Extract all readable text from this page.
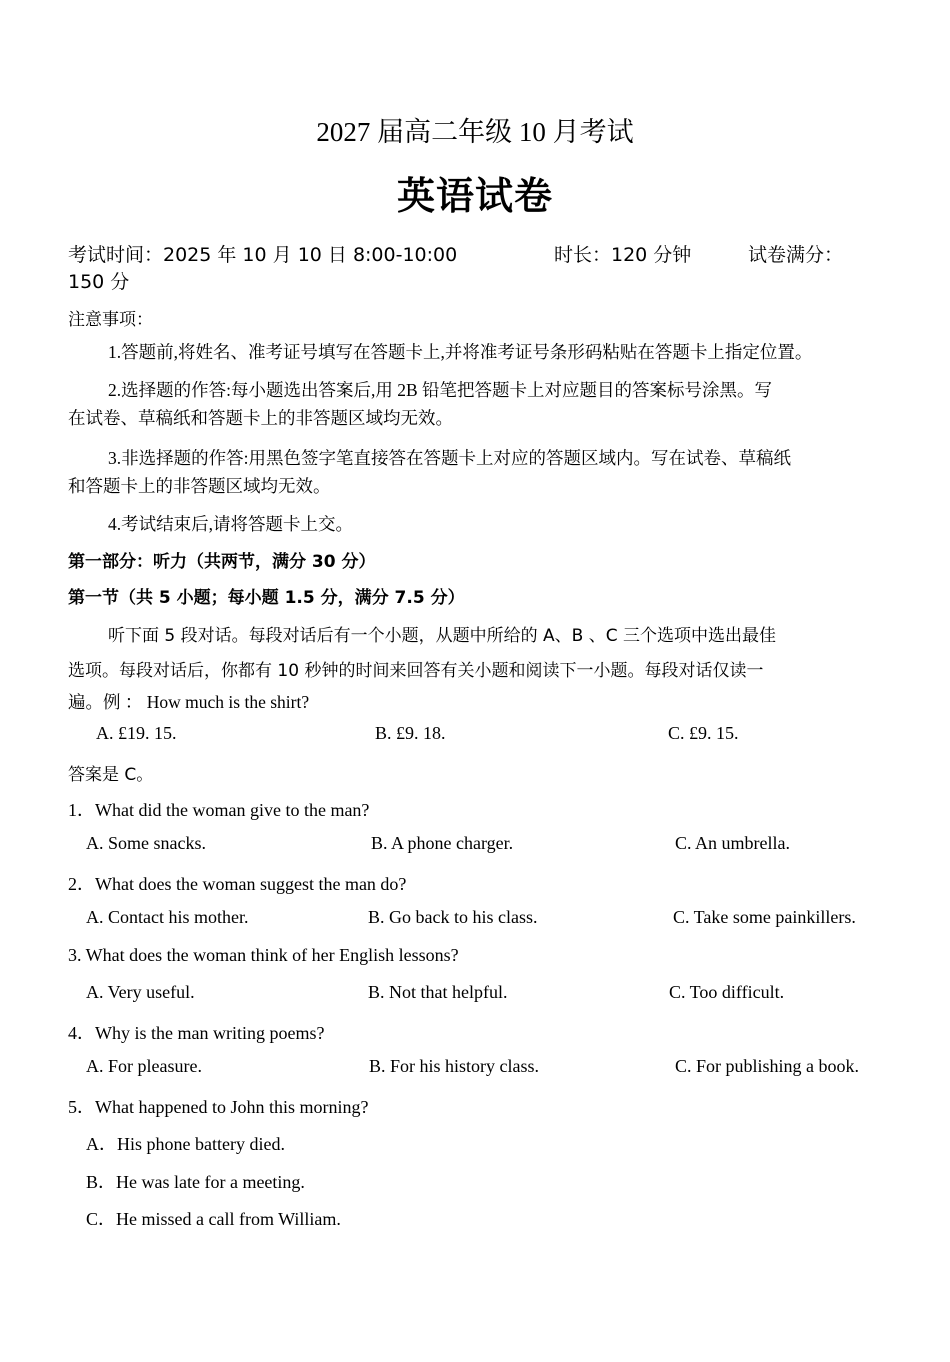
2027 届高二年级 10 月考试
英语试卷
考试时间：2025 年 10 月 10 日 8:00-10:00	时长：120 分钟	试卷满分：
150 分
注意事项：
1.答题前,将姓名、准考证号填写在答题卡上,并将准考证号条形码粘贴在答题卡上指定位置。
2.选择题的作答:每小题选出答案后,用 2B 铅笔把答题卡上对应题目的答案标号涂黑。写
在试卷、草稿纸和答题卡上的非答题区域均无效。
3.非选择题的作答:用黑色签字笔直接答在答题卡上对应的答题区域内。写在试卷、草稿纸
和答题卡上的非答题区域均无效。
4.考试结束后,请将答题卡上交。
第一部分：听力（共两节，满分 30 分）
第一节（共 5 小题；每小题 1.5 分，满分 7.5 分）
听下面 5 段对话。每段对话后有一个小题，从题中所给的 A、B 、C 三个选项中选出最佳
选项。每段对话后，你都有 10 秒钟的时间来回答有关小题和阅读下一小题。每段对话仅读一
遍。例 ： How much is the shirt?
A. £19. 15.	B. £9. 18.	C. £9. 15.
答案是 C。
1．What did the woman give to the man?
A. Some snacks.	B. A phone charger.	C. An umbrella.
2．What does the woman suggest the man do?
A. Contact his mother.	B. Go back to his class.	C. Take some painkillers.
3. What does the woman think of her English lessons?
A. Very useful.	B. Not that helpful.	C. Too difficult.
4．Why is the man writing poems?
A. For pleasure.	B. For his history class.	C. For publishing a book.
5．What happened to John this morning?
A．His phone battery died.
B．He was late for a meeting.
C．He missed a call from William.
